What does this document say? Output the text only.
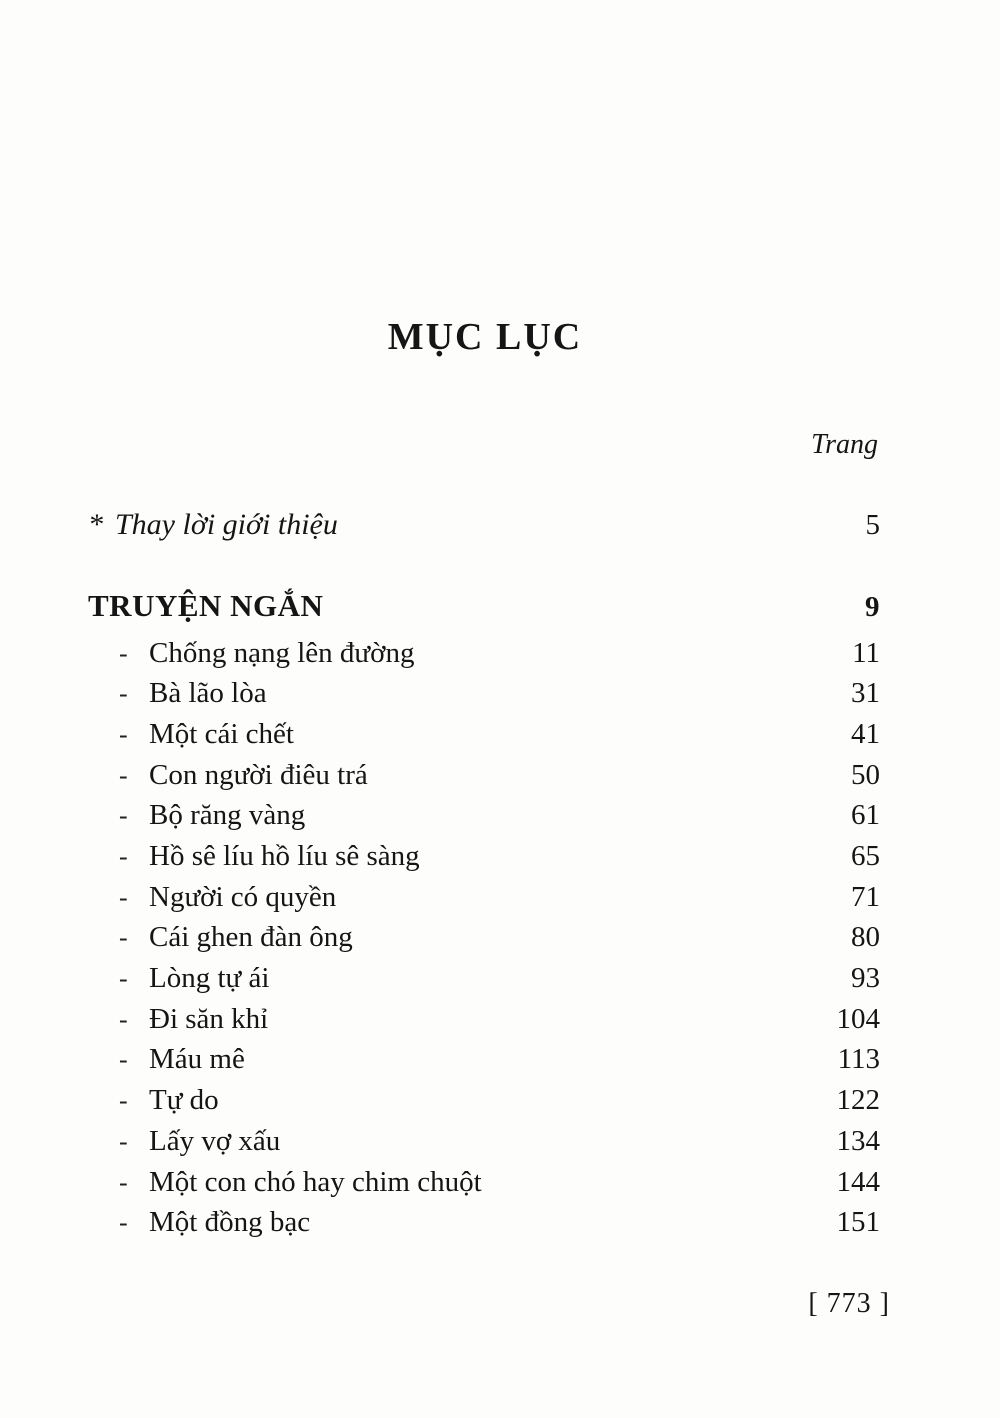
MỤC LỤC
Trang
* Thay lời giới thiệu	5
TRUYỆN NGẮN	9
- Chống nạng lên đường	11
- Bà lão lòa	31
- Một cái chết	41
- Con người điêu trá	50
- Bộ răng vàng	61
- Hồ sê líu hồ líu sê sàng	65
- Người có quyền	71
- Cái ghen đàn ông	80
- Lòng tự ái	93
- Đi săn khỉ	104
- Máu mê	113
- Tự do	122
- Lấy vợ xấu	134
- Một con chó hay chim chuột	144
- Một đồng bạc	151
[ 773 ]
